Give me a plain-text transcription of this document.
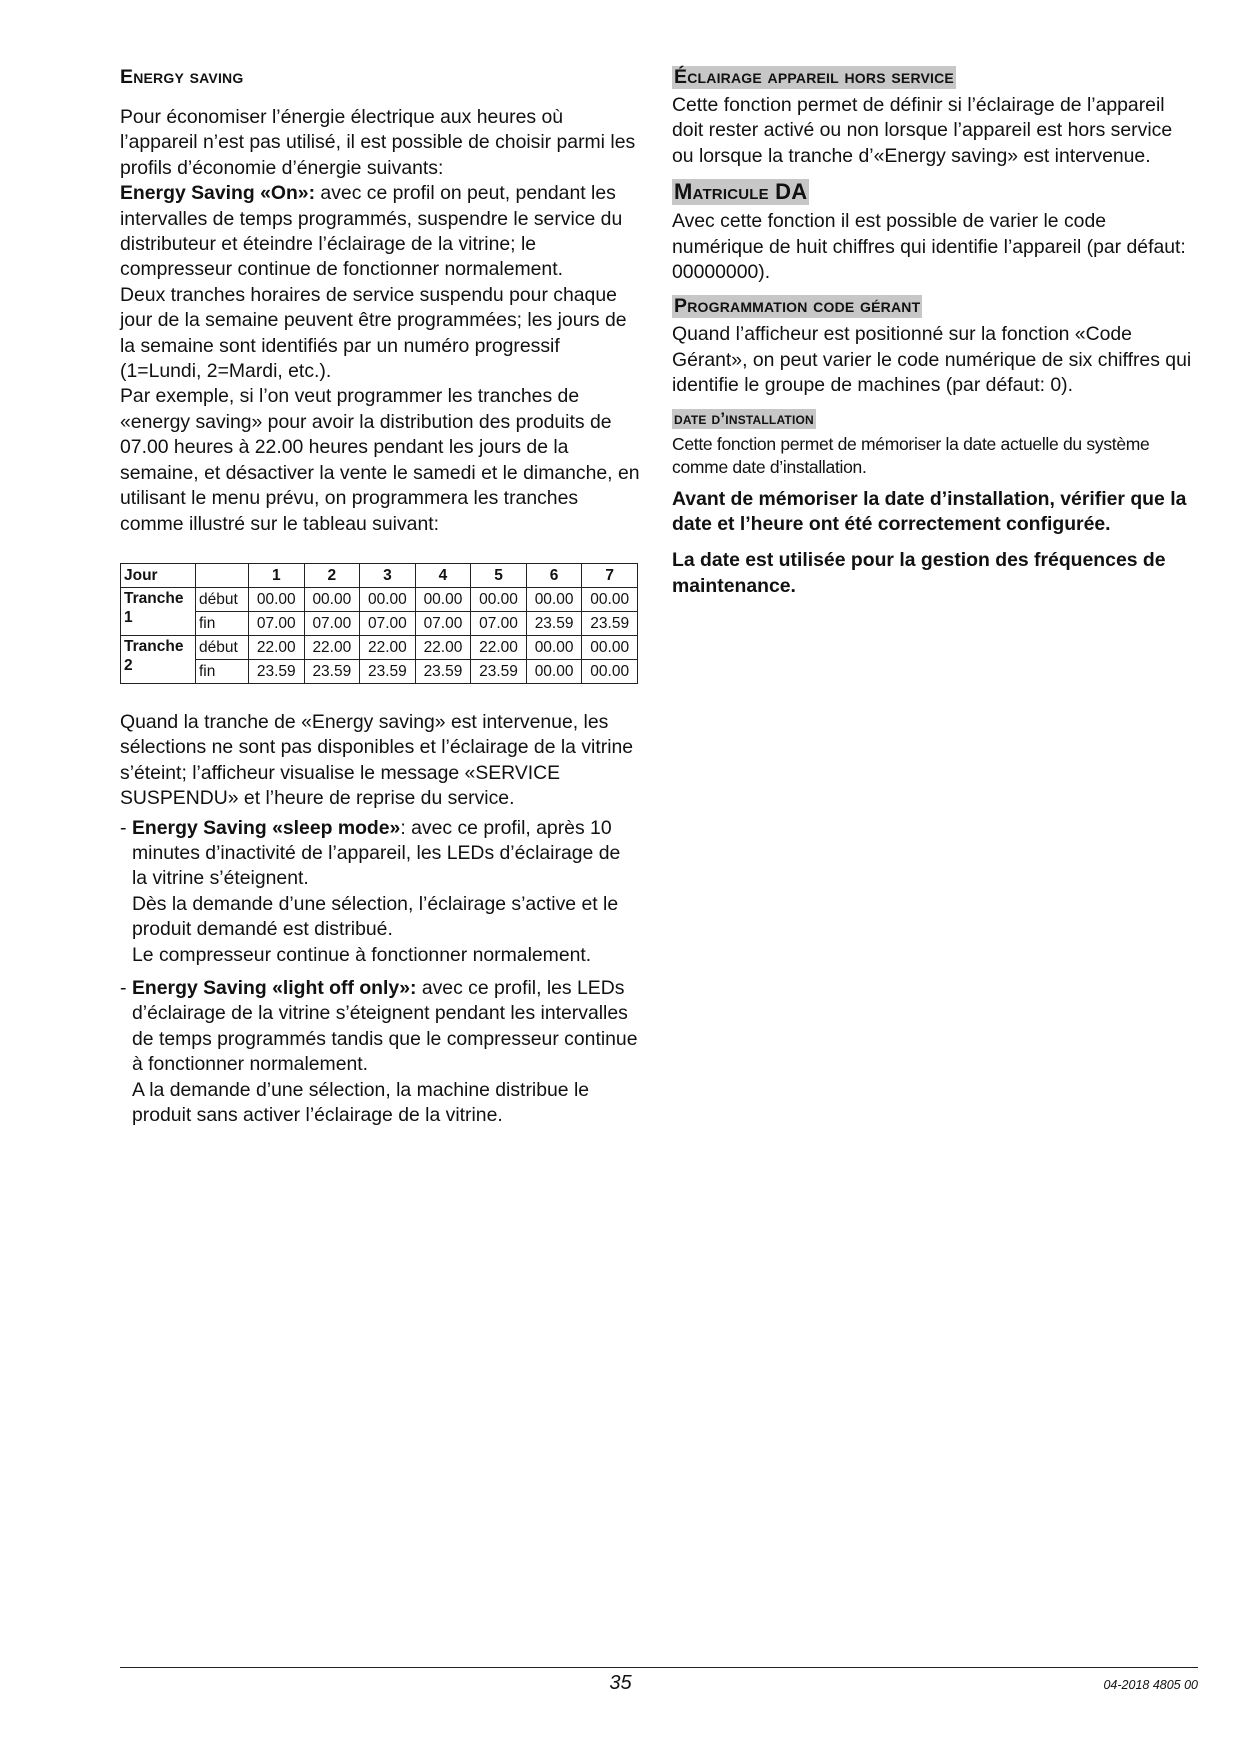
Energy saving

Pour économiser l’énergie électrique aux heures où l’appareil n’est pas utilisé, il est possible de choisir parmi les profils d’économie d’énergie suivants:

Energy Saving «On»: avec ce profil on peut, pendant les intervalles de temps programmés, suspendre le service du distributeur et éteindre l’éclairage de la vitrine; le compresseur continue de fonctionner normalement.

Deux tranches horaires de service suspendu pour chaque jour de la semaine peuvent être programmées; les jours de la semaine sont identifiés par un numéro progressif (1=Lundi, 2=Mardi, etc.).

Par exemple, si l’on veut programmer les tranches de «energy saving» pour avoir la distribution des produits de 07.00 heures à 22.00 heures pendant les jours de la semaine, et désactiver la vente le samedi et le dimanche, en utilisant le menu prévu, on programmera les tranches comme illustré sur le tableau suivant:

Jour		1	2	3	4	5	6	7
Tranche 1	début	00.00	00.00	00.00	00.00	00.00	00.00	00.00
	fin	07.00	07.00	07.00	07.00	07.00	23.59	23.59
Tranche 2	début	22.00	22.00	22.00	22.00	22.00	00.00	00.00
	fin	23.59	23.59	23.59	23.59	23.59	00.00	00.00

Quand la tranche de «Energy saving» est intervenue, les sélections ne sont pas disponibles et l’éclairage de la vitrine s’éteint; l’afficheur visualise le message «SERVICE SUSPENDU» et l’heure de reprise du service.

- Energy Saving «sleep mode»: avec ce profil, après 10 minutes d’inactivité de l’appareil, les LEDs d’éclairage de la vitrine s’éteignent.
Dès la demande d’une sélection, l’éclairage s’active et le produit demandé est distribué.
Le compresseur continue à fonctionner normalement.
- Energy Saving «light off only»: avec ce profil, les LEDs d’éclairage de la vitrine s’éteignent pendant les intervalles de temps programmés tandis que le compresseur continue à fonctionner normalement.
A la demande d’une sélection, la machine distribue le produit sans activer l’éclairage de la vitrine.
Éclairage appareil hors service

Cette fonction permet de définir si l’éclairage de l’appareil doit rester activé ou non lorsque l’appareil est hors service ou lorsque la tranche d’«Energy saving» est intervenue.

Matricule DA

Avec cette fonction il est possible de varier le code numérique de huit chiffres qui identifie l’appareil (par défaut: 00000000).

Programmation code gérant

Quand l’afficheur est positionné sur la fonction «Code Gérant», on peut varier le code numérique de six chiffres qui identifie le groupe de machines (par défaut: 0).

date d’installation

Cette fonction permet de mémoriser la date actuelle du système comme date d’installation.

Avant de mémoriser la date d’installation, vérifier que la date et l’heure ont été correctement configurée.

La date est utilisée pour la gestion des fréquences de maintenance.

35	04-2018 4805 00
